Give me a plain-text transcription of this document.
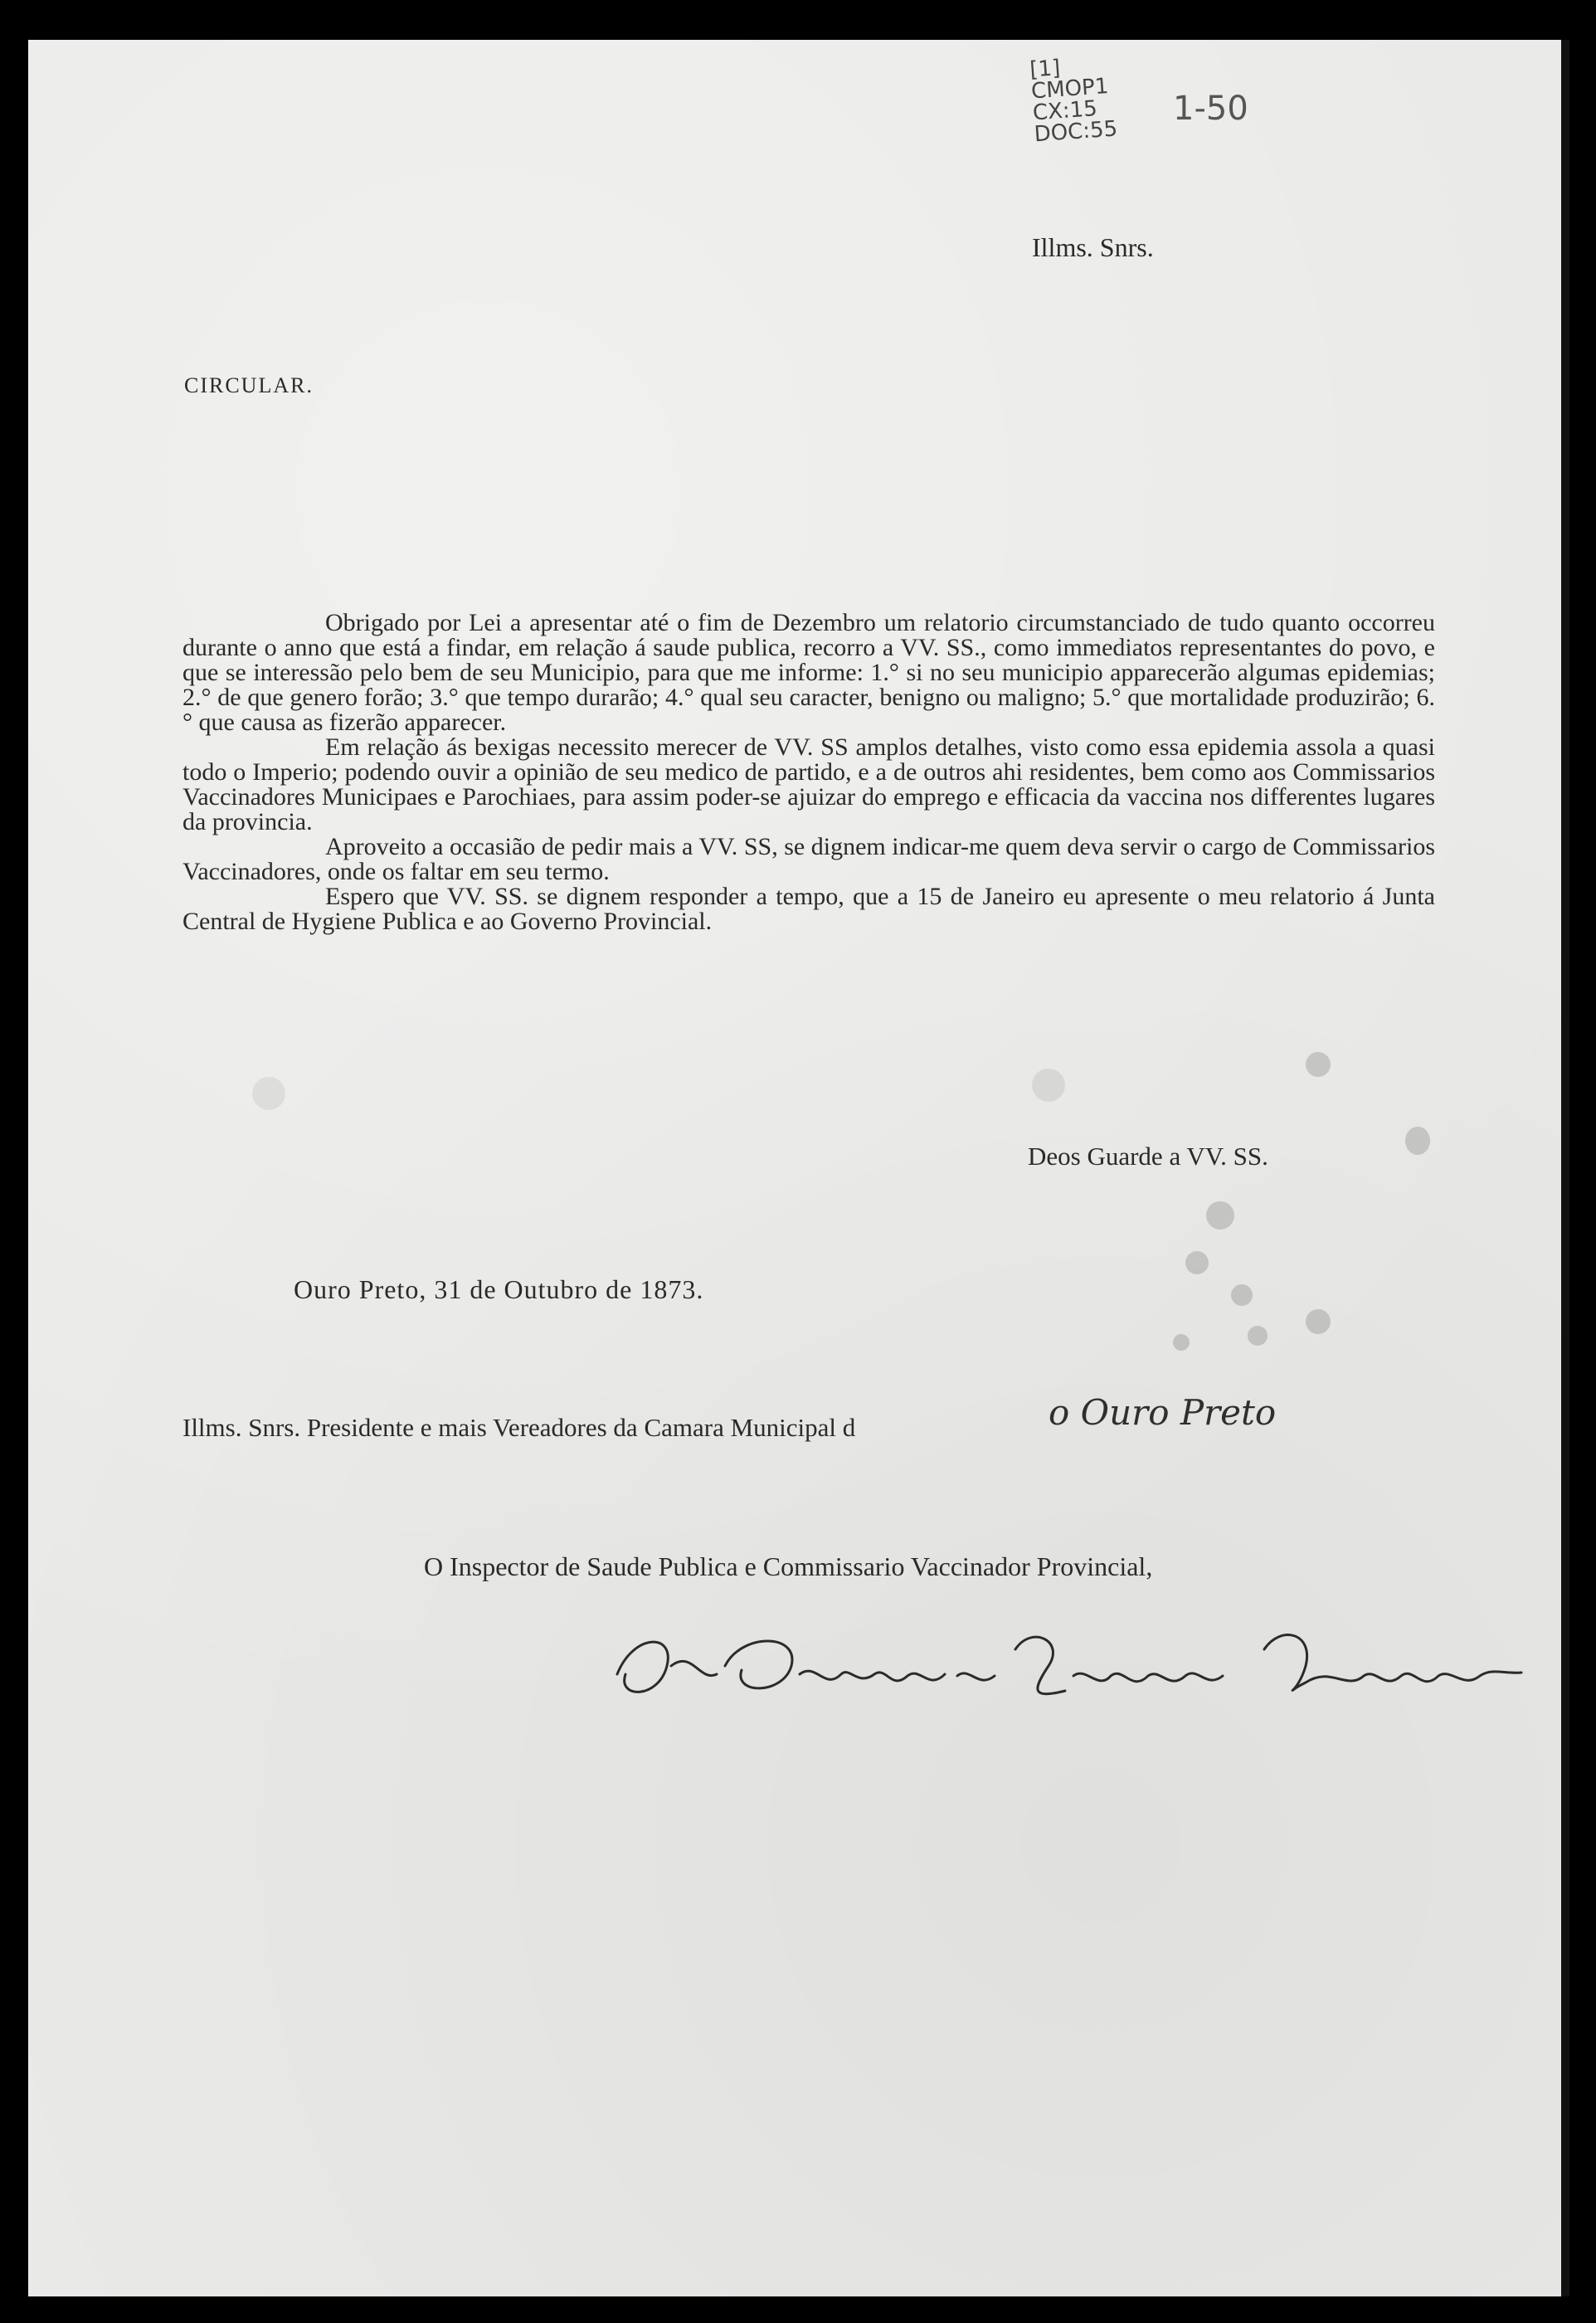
[1]
CMOP1
CX:15
DOC:55
1-50
Illms. Snrs.
CIRCULAR.

Obrigado por Lei a apresentar até o fim de Dezembro um relatorio circumstanciado de tudo quanto occorreu durante o anno que está a findar, em relação á saude publica, recorro a VV. SS., como immediatos representantes do povo, e que se interessão pelo bem de seu Municipio, para que me informe: 1.° si no seu municipio apparecerão algumas epidemias; 2.° de que genero forão; 3.° que tempo durarão; 4.° qual seu caracter, benigno ou maligno; 5.° que mortalidade produzirão; 6.° que causa as fizerão apparecer.

Em relação ás bexigas necessito merecer de VV. SS amplos detalhes, visto como essa epidemia assola a quasi todo o Imperio; podendo ouvir a opinião de seu medico de partido, e a de outros ahi residentes, bem como aos Commissarios Vaccinadores Municipaes e Parochiaes, para assim poder-se ajuizar do emprego e efficacia da vaccina nos differentes lugares da provincia.

Aproveito a occasião de pedir mais a VV. SS, se dignem indicar-me quem deva servir o cargo de Commissarios Vaccinadores, onde os faltar em seu termo.

Espero que VV. SS. se dignem responder a tempo, que a 15 de Janeiro eu apresente o meu relatorio á Junta Central de Hygiene Publica e ao Governo Provincial.

Deos Guarde a VV. SS.
Ouro Preto, 31 de Outubro de 1873.
Illms. Snrs. Presidente e mais Vereadores da Camara Municipal d	o Ouro Preto
O Inspector de Saude Publica e Commissario Vaccinador Provincial,
